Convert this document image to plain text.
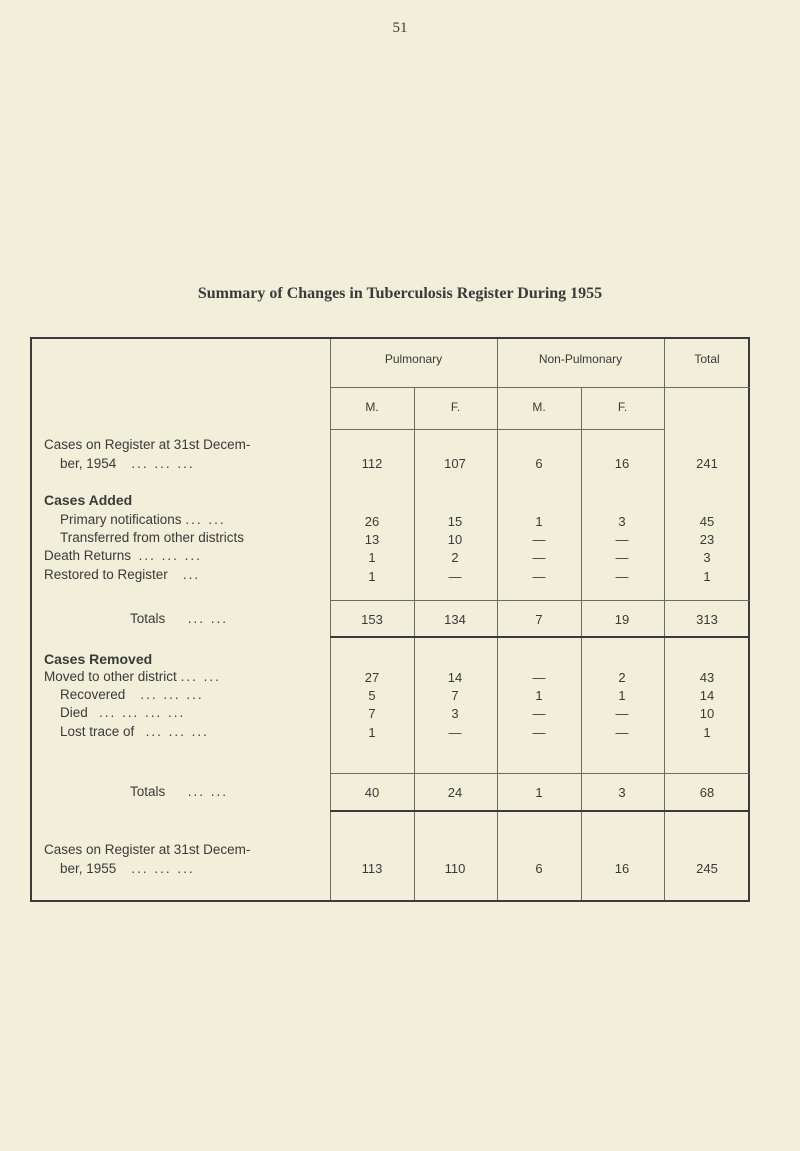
51
Summary of Changes in Tuberculosis Register During 1955
Pulmonary	Non-Pulmonary	Total
M.	F.	M.	F.
Cases on Register at 31st Decem-
ber, 1954 ... ... ...	112	107	6	16	241
Cases Added
Primary notifications ... ...	26	15	1	3	45
Transferred from other districts	13	10	—	—	23
Death Returns ... ... ...	1	2	—	—	3
Restored to Register ...	1	—	—	—	1
Totals ... ...	153	134	7	19	313
Cases Removed
Moved to other district ... ...	27	14	—	2	43
Recovered ... ... ...	5	7	1	1	14
Died ... ... ... ...	7	3	—	—	10
Lost trace of ... ... ...	1	—	—	—	1
Totals ... ...	40	24	1	3	68
Cases on Register at 31st Decem-
ber, 1955 ... ... ...	113	110	6	16	245
